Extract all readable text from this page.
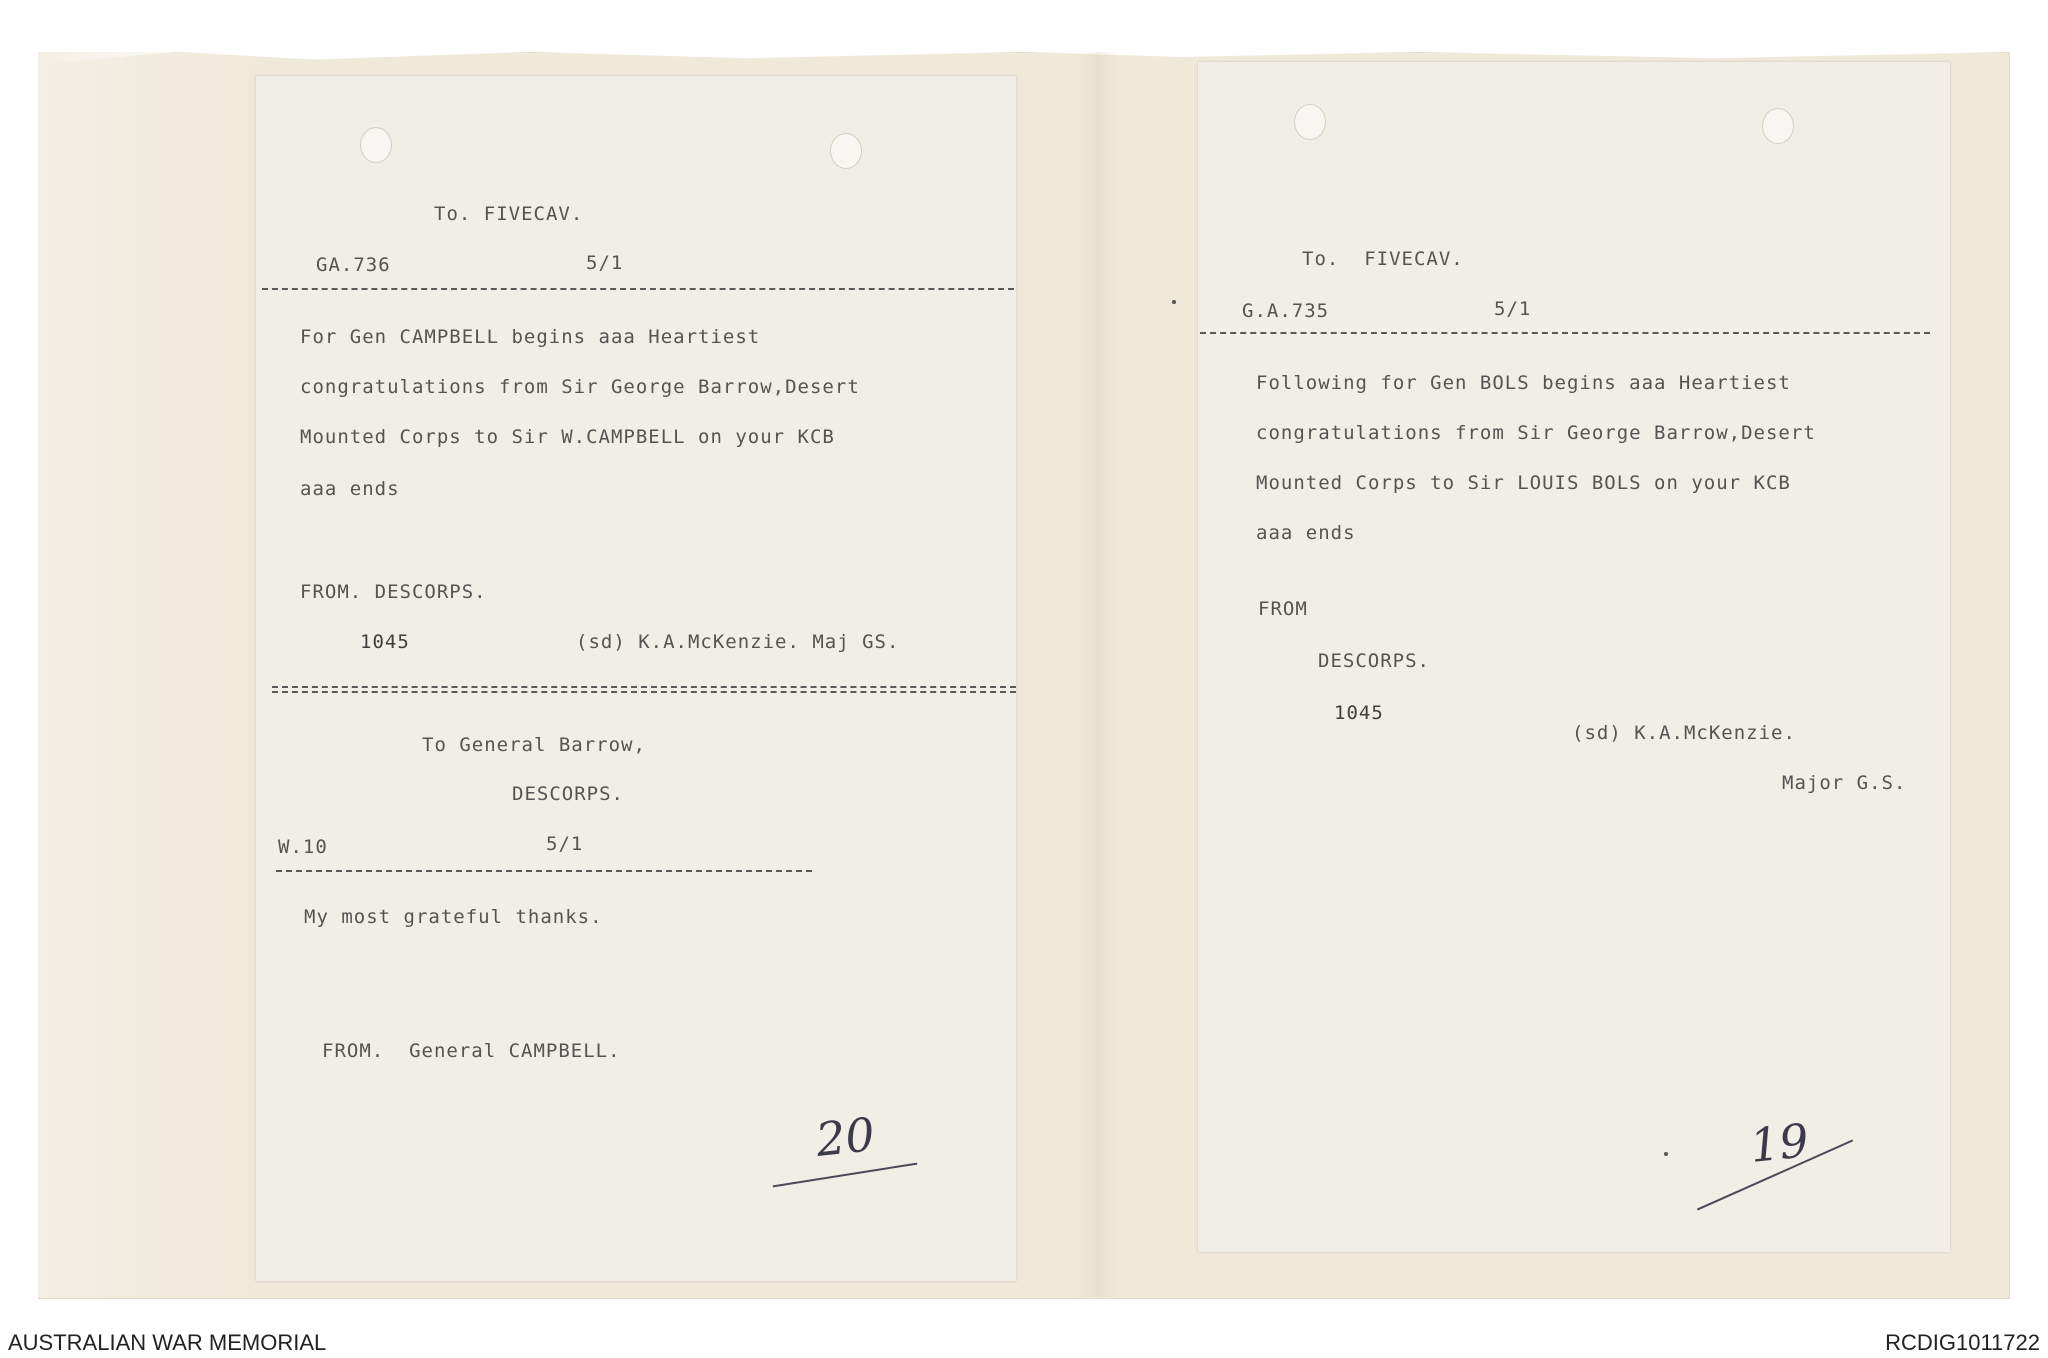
To. FIVECAV.
GA.736	5/1
For Gen CAMPBELL begins aaa Heartiest
congratulations from Sir George Barrow,Desert
Mounted Corps to Sir W.CAMPBELL on your KCB
aaa ends
FROM. DESCORPS.
1045	(sd) K.A.McKenzie. Maj GS.
To General Barrow,
DESCORPS.
W.10	5/1
My most grateful thanks.
FROM.  General CAMPBELL.
20
To.  FIVECAV.
G.A.735	5/1
Following for Gen BOLS begins aaa Heartiest
congratulations from Sir George Barrow,Desert
Mounted Corps to Sir LOUIS BOLS on your KCB
aaa ends
FROM
DESCORPS.
1045
(sd) K.A.McKenzie.
Major G.S.
19
AUSTRALIAN WAR MEMORIAL	RCDIG1011722
